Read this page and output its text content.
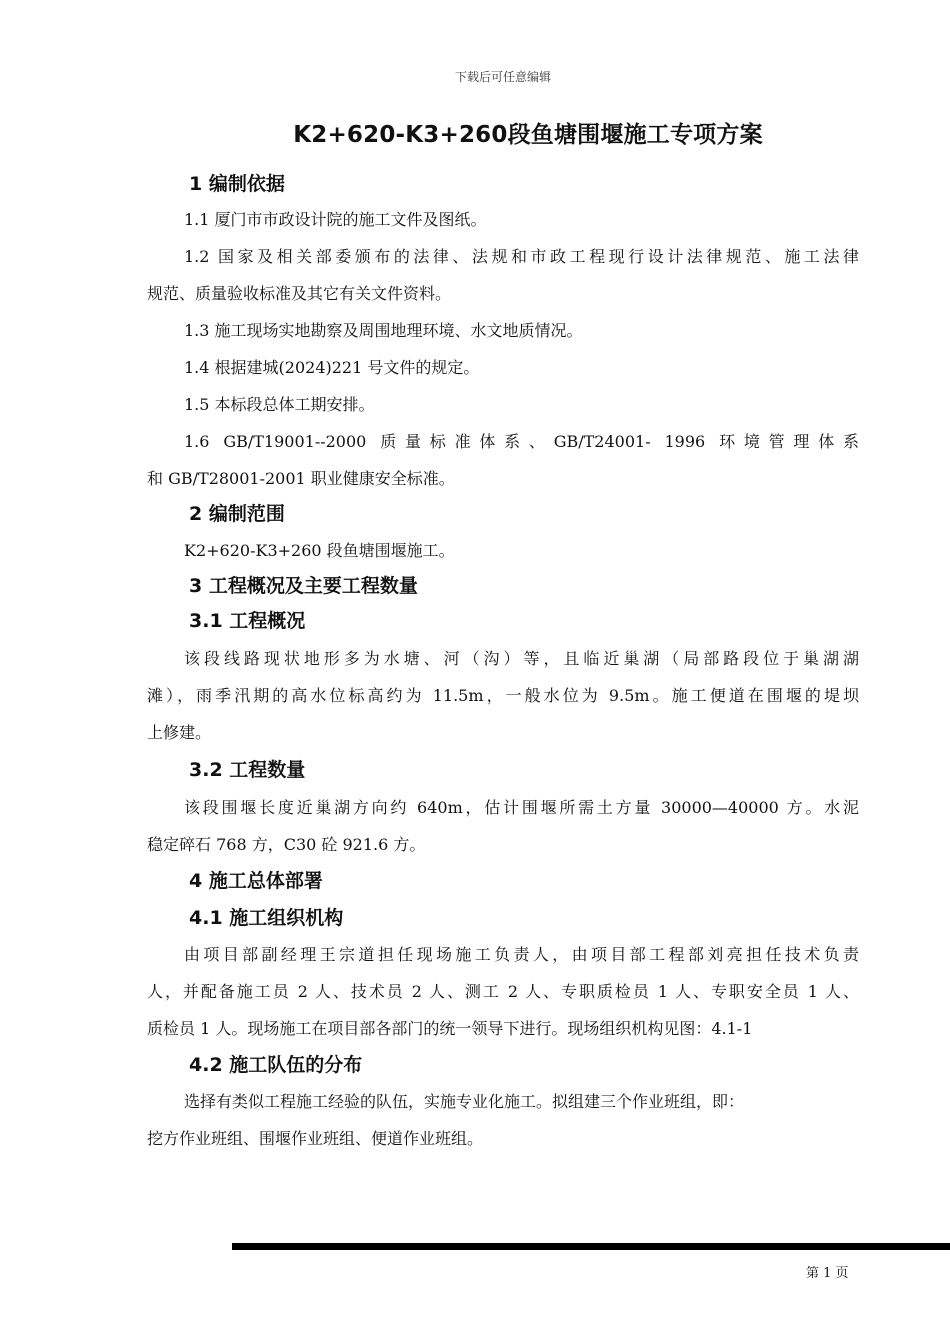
下载后可任意编辑
K2+620-K3+260段鱼塘围堰施工专项方案
1 编制依据
1.1 厦门市市政设计院的施工文件及图纸。
1.2 国家及相关部委颁布的法律、法规和市政工程现行设计法律规范、施工法律
规范、质量验收标准及其它有关文件资料。
1.3 施工现场实地勘察及周围地理环境、水文地质情况。
1.4 根据建城(2024)221 号文件的规定。
1.5 本标段总体工期安排。
1.6 GB/T19001--2000 质量标准体系、GB/T24001- 1996 环境管理体系
和 GB/T28001-2001 职业健康安全标准。
2 编制范围
K2+620-K3+260 段鱼塘围堰施工。
3 工程概况及主要工程数量
3.1 工程概况
该段线路现状地形多为水塘、河（沟）等，且临近巢湖（局部路段位于巢湖湖
滩），雨季汛期的高水位标高约为 11.5m，一般水位为 9.5m。施工便道在围堰的堤坝
上修建。
3.2 工程数量
该段围堰长度近巢湖方向约 640m，估计围堰所需土方量 30000—40000 方。水泥
稳定碎石 768 方，C30 砼 921.6 方。
4 施工总体部署
4.1 施工组织机构
由项目部副经理王宗道担任现场施工负责人，由项目部工程部刘亮担任技术负责
人，并配备施工员 2 人、技术员 2 人、测工 2 人、专职质检员 1 人、专职安全员 1 人、
质检员 1 人。现场施工在项目部各部门的统一领导下进行。现场组织机构见图：4.1-1
4.2 施工队伍的分布
选择有类似工程施工经验的队伍，实施专业化施工。拟组建三个作业班组，即：
挖方作业班组、围堰作业班组、便道作业班组。
第 1 页
